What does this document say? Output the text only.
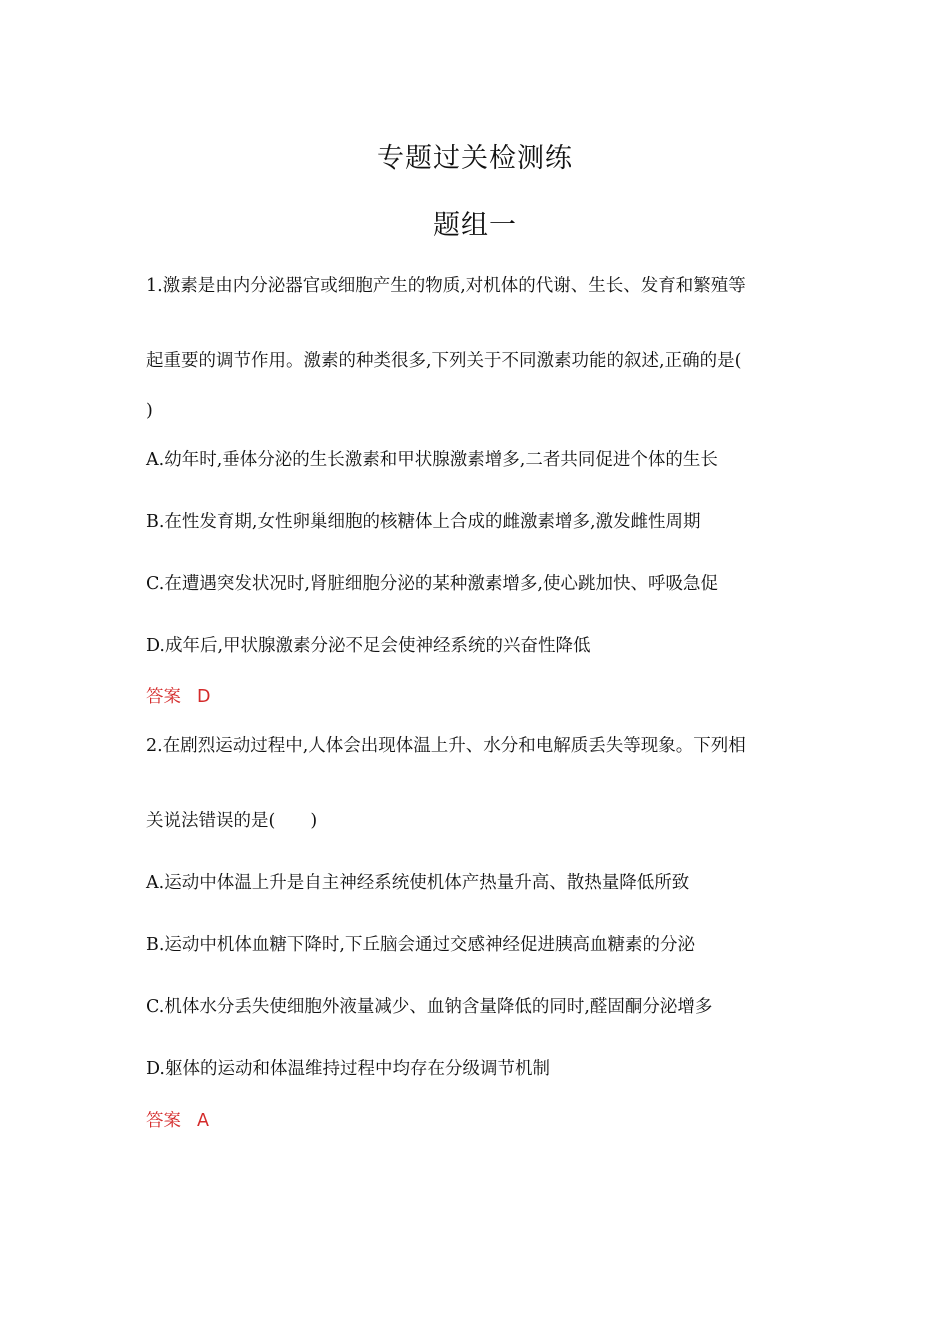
专题过关检测练
题组一
1.激素是由内分泌器官或细胞产生的物质,对机体的代谢、生长、发育和繁殖等
起重要的调节作用。激素的种类很多,下列关于不同激素功能的叙述,正确的是(
)
A.幼年时,垂体分泌的生长激素和甲状腺激素增多,二者共同促进个体的生长
B.在性发育期,女性卵巢细胞的核糖体上合成的雌激素增多,激发雌性周期
C.在遭遇突发状况时,肾脏细胞分泌的某种激素增多,使心跳加快、呼吸急促
D.成年后,甲状腺激素分泌不足会使神经系统的兴奋性降低
答案 D
2.在剧烈运动过程中,人体会出现体温上升、水分和电解质丢失等现象。下列相
关说法错误的是(　　)
A.运动中体温上升是自主神经系统使机体产热量升高、散热量降低所致
B.运动中机体血糖下降时,下丘脑会通过交感神经促进胰高血糖素的分泌
C.机体水分丢失使细胞外液量减少、血钠含量降低的同时,醛固酮分泌增多
D.躯体的运动和体温维持过程中均存在分级调节机制
答案 A
